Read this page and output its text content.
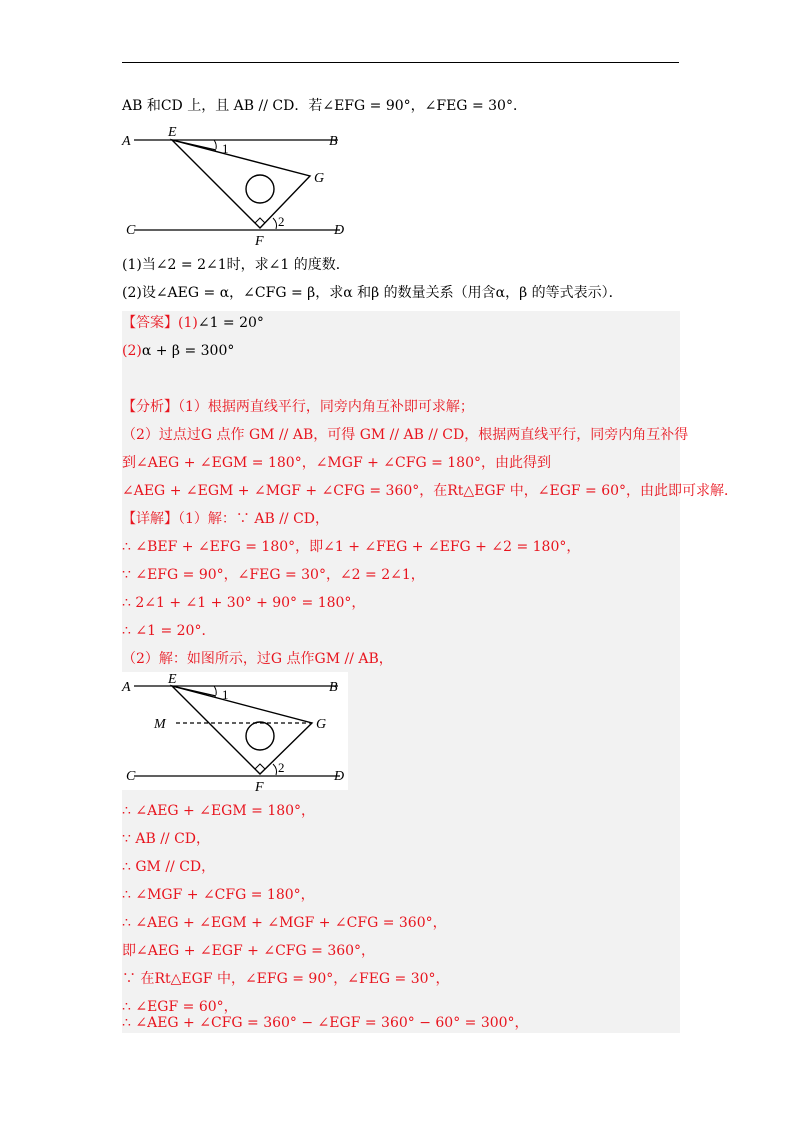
AB 和CD 上，且 AB // CD．若∠EFG = 90°，∠FEG = 30°．
A
E
B
G
C
F
D
1
2
(1)当∠2 = 2∠1时，求∠1 的度数．
(2)设∠AEG = α，∠CFG = β，求α 和β 的数量关系（用含α，β 的等式表示）．
【答案】(1)∠1 = 20°
(2)α + β = 300°
【分析】（1）根据两直线平行，同旁内角互补即可求解；
（2）过点过G 点作 GM // AB，可得 GM // AB // CD，根据两直线平行，同旁内角互补得
到∠AEG + ∠EGM = 180°，∠MGF + ∠CFG = 180°，由此得到
∠AEG + ∠EGM + ∠MGF + ∠CFG = 360°，在Rt△EGF 中，∠EGF = 60°，由此即可求解．
【详解】（1）解：∵ AB // CD，
∴ ∠BEF + ∠EFG = 180°，即∠1 + ∠FEG + ∠EFG + ∠2 = 180°，
∵ ∠EFG = 90°，∠FEG = 30°，∠2 = 2∠1，
∴ 2∠1 + ∠1 + 30° + 90° = 180°，
∴ ∠1 = 20°．
（2）解：如图所示，过G 点作GM // AB，
A
E
B
M	G
C
F
D
1
2
∴ ∠AEG + ∠EGM = 180°，
∵ AB // CD，
∴ GM // CD，
∴ ∠MGF + ∠CFG = 180°，
∴ ∠AEG + ∠EGM + ∠MGF + ∠CFG = 360°，
即∠AEG + ∠EGF + ∠CFG = 360°，
∵ 在Rt△EGF 中，∠EFG = 90°，∠FEG = 30°，
∴ ∠EGF = 60°，
∴ ∠AEG + ∠CFG = 360° − ∠EGF = 360° − 60° = 300°，
